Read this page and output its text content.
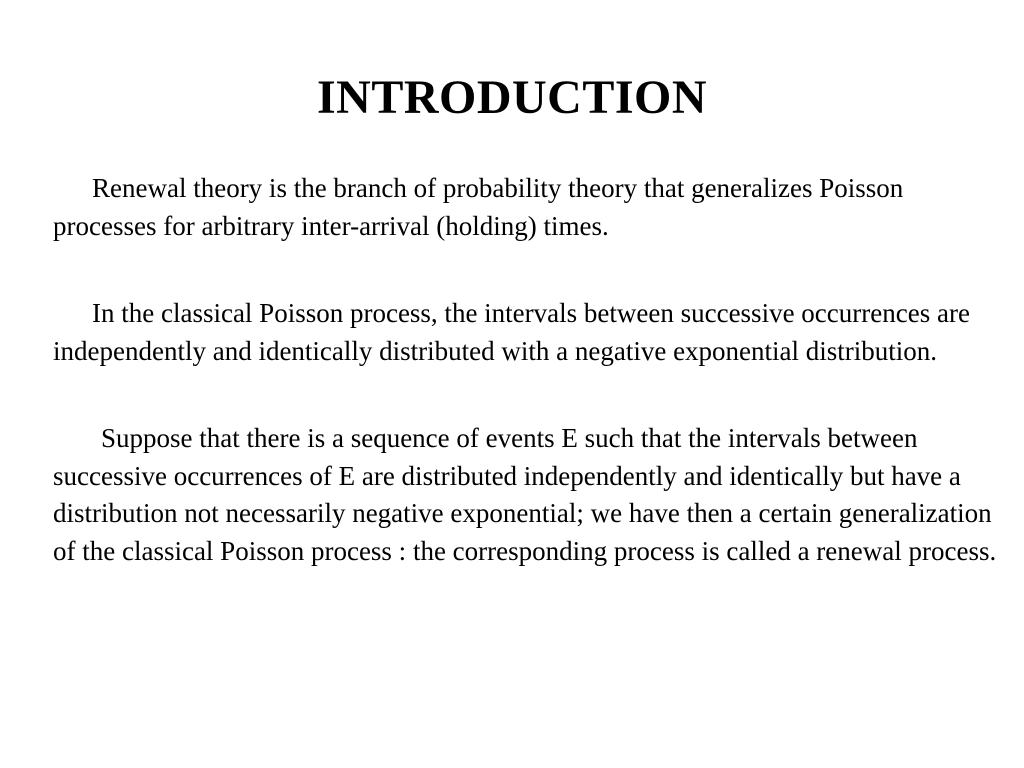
INTRODUCTION

Renewal theory is the branch of probability theory that generalizes Poisson processes for arbitrary inter-arrival (holding) times.

In the classical Poisson process, the intervals between successive occurrences are independently and identically distributed with a negative exponential distribution.

Suppose that there is a sequence of events E such that the intervals between successive occurrences of E are distributed independently and identically but have a distribution not necessarily negative exponential; we have then a certain generalization of the classical Poisson process : the corresponding process is called a renewal process.
